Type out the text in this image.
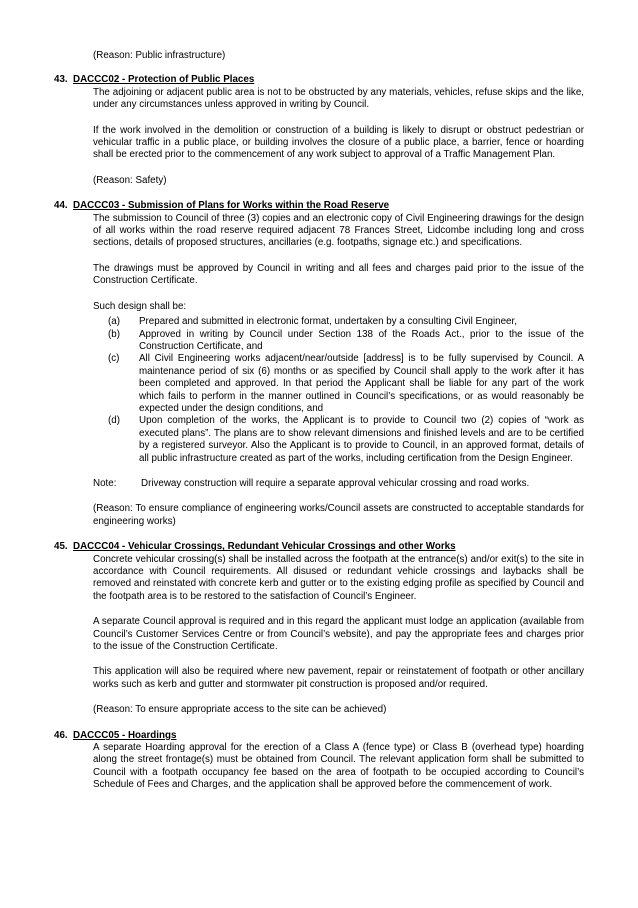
(Reason: Public infrastructure)
43. DACCC02 - Protection of Public Places
The adjoining or adjacent public area is not to be obstructed by any materials, vehicles, refuse skips and the like, under any circumstances unless approved in writing by Council.
If the work involved in the demolition or construction of a building is likely to disrupt or obstruct pedestrian or vehicular traffic in a public place, or building involves the closure of a public place, a barrier, fence or hoarding shall be erected prior to the commencement of any work subject to approval of a Traffic Management Plan.
(Reason: Safety)
44. DACCC03 - Submission of Plans for Works within the Road Reserve
The submission to Council of three (3) copies and an electronic copy of Civil Engineering drawings for the design of all works within the road reserve required adjacent 78 Frances Street, Lidcombe including long and cross sections, details of proposed structures, ancillaries (e.g. footpaths, signage etc.) and specifications.
The drawings must be approved by Council in writing and all fees and charges paid prior to the issue of the Construction Certificate.
Such design shall be:
(a) Prepared and submitted in electronic format, undertaken by a consulting Civil Engineer,
(b) Approved in writing by Council under Section 138 of the Roads Act., prior to the issue of the Construction Certificate, and
(c) All Civil Engineering works adjacent/near/outside [address] is to be fully supervised by Council. A maintenance period of six (6) months or as specified by Council shall apply to the work after it has been completed and approved. In that period the Applicant shall be liable for any part of the work which fails to perform in the manner outlined in Council’s specifications, or as would reasonably be expected under the design conditions, and
(d) Upon completion of the works, the Applicant is to provide to Council two (2) copies of “work as executed plans”. The plans are to show relevant dimensions and finished levels and are to be certified by a registered surveyor. Also the Applicant is to provide to Council, in an approved format, details of all public infrastructure created as part of the works, including certification from the Design Engineer.
Note:	Driveway construction will require a separate approval vehicular crossing and road works.
(Reason: To ensure compliance of engineering works/Council assets are constructed to acceptable standards for engineering works)
45. DACCC04 - Vehicular Crossings, Redundant Vehicular Crossings and other Works
Concrete vehicular crossing(s) shall be installed across the footpath at the entrance(s) and/or exit(s) to the site in accordance with Council requirements. All disused or redundant vehicle crossings and laybacks shall be removed and reinstated with concrete kerb and gutter or to the existing edging profile as specified by Council and the footpath area is to be restored to the satisfaction of Council’s Engineer.
A separate Council approval is required and in this regard the applicant must lodge an application (available from Council’s Customer Services Centre or from Council’s website), and pay the appropriate fees and charges prior to the issue of the Construction Certificate.
This application will also be required where new pavement, repair or reinstatement of footpath or other ancillary works such as kerb and gutter and stormwater pit construction is proposed and/or required.
(Reason: To ensure appropriate access to the site can be achieved)
46. DACCC05 - Hoardings
A separate Hoarding approval for the erection of a Class A (fence type) or Class B (overhead type) hoarding along the street frontage(s) must be obtained from Council. The relevant application form shall be submitted to Council with a footpath occupancy fee based on the area of footpath to be occupied according to Council’s Schedule of Fees and Charges, and the application shall be approved before the commencement of work.
